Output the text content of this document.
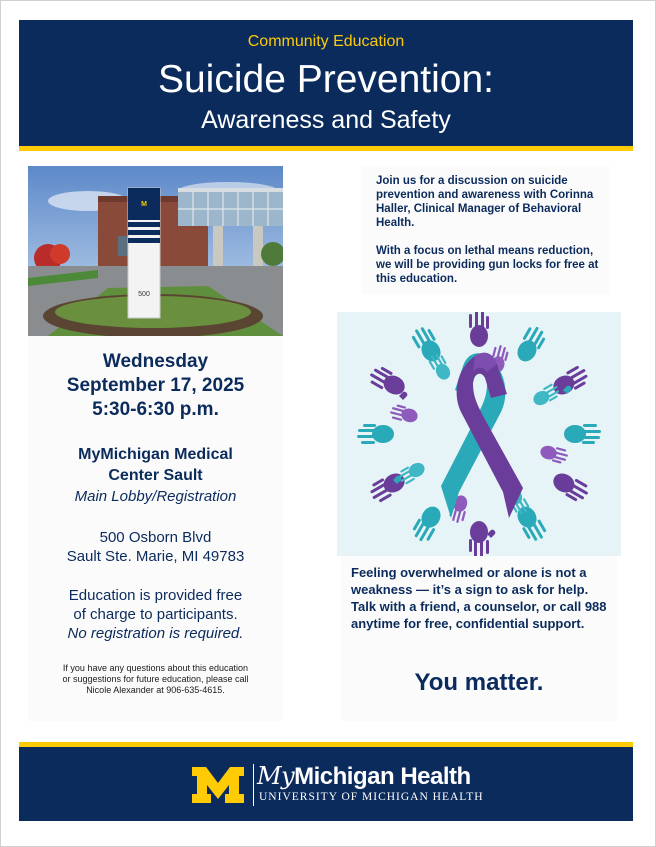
Community Education
Suicide Prevention:
Awareness and Safety
M
500
Wednesday
September 17, 2025
5:30-6:30 p.m.
MyMichigan Medical
Center Sault
Main Lobby/Registration
500 Osborn Blvd
Sault Ste. Marie, MI 49783
Education is provided free
of charge to participants.
No registration is required.
If you have any questions about this education or suggestions for future education, please call Nicole Alexander at 906-635-4615.

Join us for a discussion on suicide prevention and awareness with Corinna Haller, Clinical Manager of Behavioral Health.

With a focus on lethal means reduction, we will be providing gun locks for free at this education.

Feeling overwhelmed or alone is not a weakness — it’s a sign to ask for help. Talk with a friend, a counselor, or call 988 anytime for free, confidential support.
You matter.
MyMichigan Health
UNIVERSITY OF MICHIGAN HEALTH
